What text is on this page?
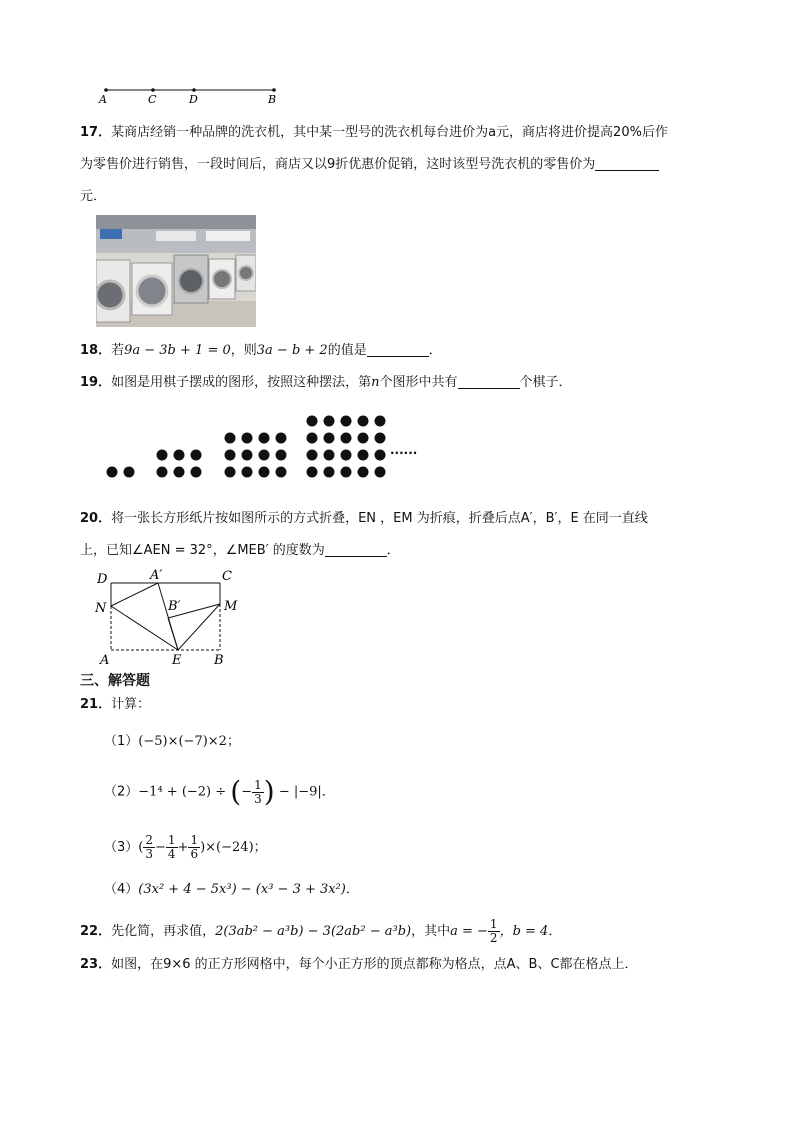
A	C	D	B
17．某商店经销一种品牌的洗衣机，其中某一型号的洗衣机每台进价为a元，商店将进价提高20%后作
为零售价进行销售，一段时间后，商店又以9折优惠价促销，这时该型号洗衣机的零售价为
元．
18．若9a − 3b + 1 = 0，则3a − b + 2的值是	．
19．如图是用棋子摆成的图形，按照这种摆法，第n个图形中共有	个棋子．
......
20．将一张长方形纸片按如图所示的方式折叠，EN ，EM 为折痕，折叠后点A′，B′，E 在同一直线
上，已知∠AEN = 32°，∠MEB′ 的度数为	．
D	A′	C
N	B′	M
A	E	B
三、解答题
21．计算：
（1）(−5)×(−7)×2；
（2）−1⁴ + (−2) ÷ (− $\frac{1}{3}$ ) − |−9|．
$(3)( \frac{2}{3} - \frac{1}{4} + \frac{1}{6} )\times(-24)$；
（4）(3x² + 4 − 5x³) − (x³ − 3 + 3x²)．
22．先化简，再求值，2(3ab² − a³b) − 3(2ab² − a³b)，其中a = − $\frac{1}{2}$ ，b = 4．
23．如图，在9×6 的正方形网格中，每个小正方形的顶点都称为格点，点A、B、C都在格点上．
